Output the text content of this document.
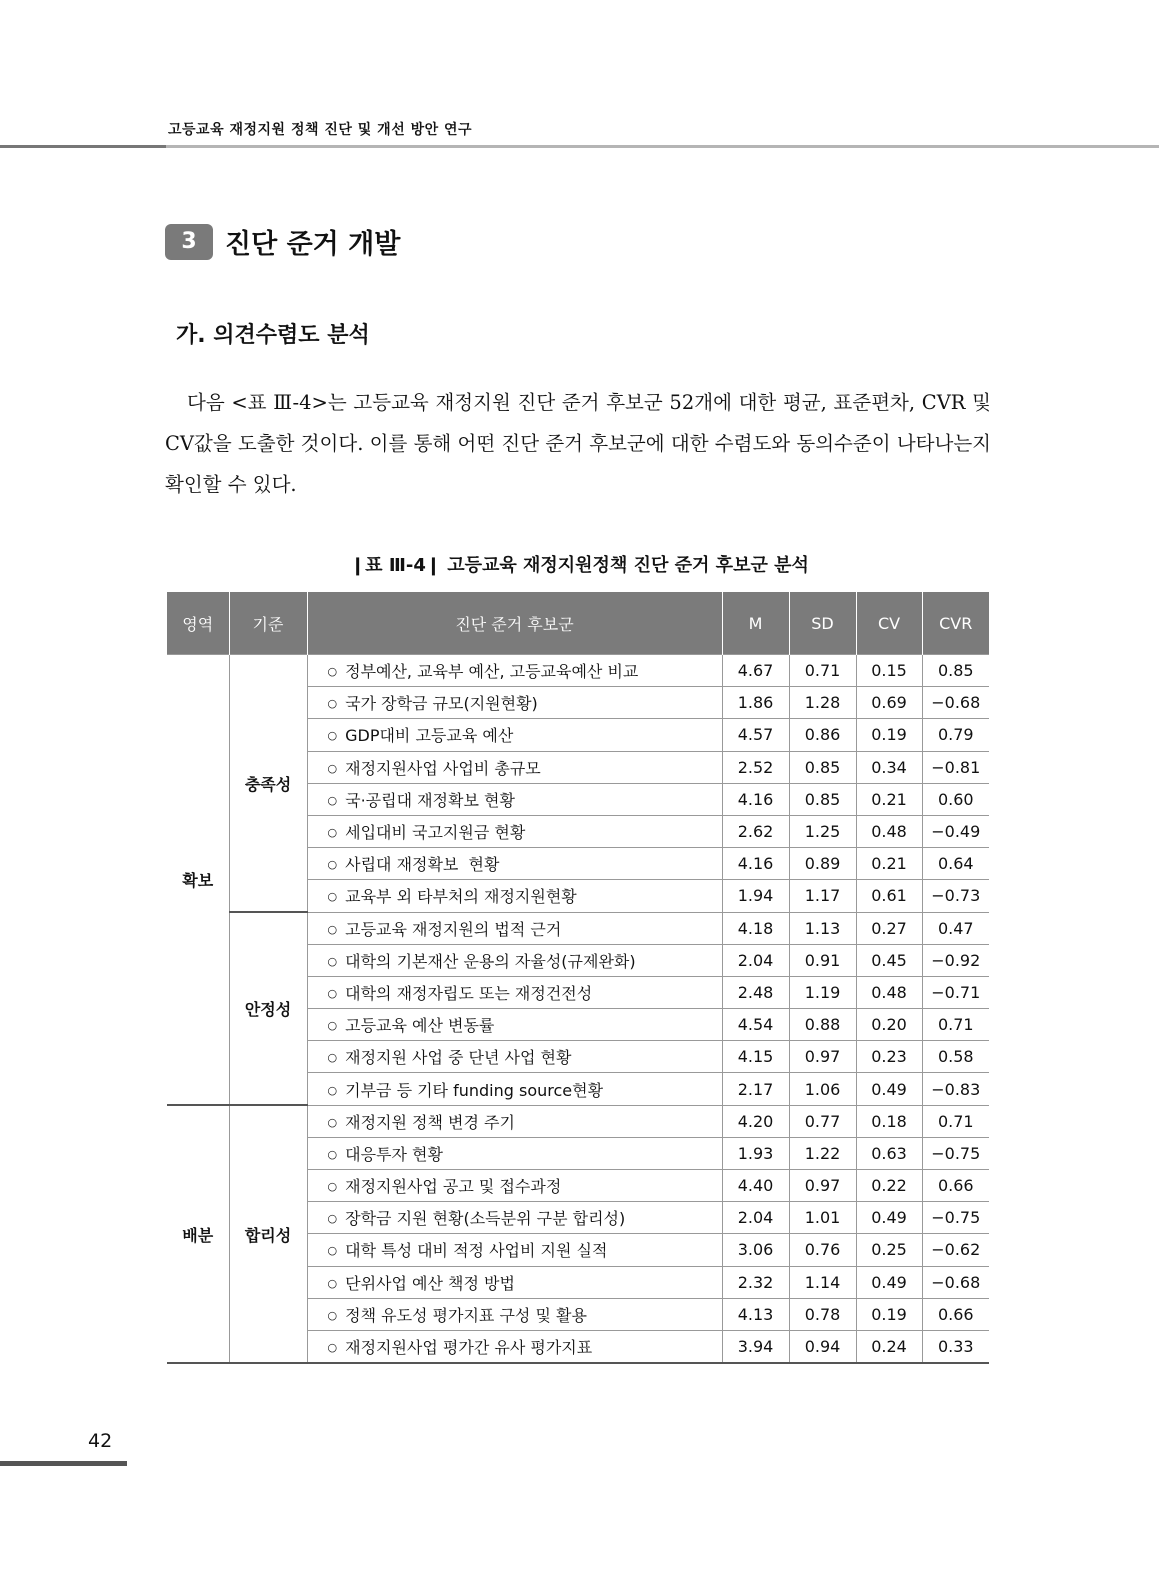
고등교육 재정지원 정책 진단 및 개선 방안 연구
3	진단 준거 개발
가. 의견수렴도 분석
다음 <표 Ⅲ-4>는 고등교육 재정지원 진단 준거 후보군 52개에 대한 평균, 표준편차, CVR 및 CV값을 도출한 것이다. 이를 통해 어떤 진단 준거 후보군에 대한 수렴도와 동의수준이 나타나는지 확인할 수 있다.
❙표 Ⅲ-4❙ 고등교육 재정지원정책 진단 준거 후보군 분석
영역	기준	진단 준거 후보군	M	SD	CV	CVR
확보	충족성	○ 정부예산, 교육부 예산, 고등교육예산 비교	4.67	0.71	0.15	0.85
		○ 국가 장학금 규모(지원현황)	1.86	1.28	0.69	−0.68
		○ GDP대비 고등교육 예산	4.57	0.86	0.19	0.79
		○ 재정지원사업 사업비 총규모	2.52	0.85	0.34	−0.81
		○ 국·공립대 재정확보 현황	4.16	0.85	0.21	0.60
		○ 세입대비 국고지원금 현황	2.62	1.25	0.48	−0.49
		○ 사립대 재정확보  현황	4.16	0.89	0.21	0.64
		○ 교육부 외 타부처의 재정지원현황	1.94	1.17	0.61	−0.73
	안정성	○ 고등교육 재정지원의 법적 근거	4.18	1.13	0.27	0.47
		○ 대학의 기본재산 운용의 자율성(규제완화)	2.04	0.91	0.45	−0.92
		○ 대학의 재정자립도 또는 재정건전성	2.48	1.19	0.48	−0.71
		○ 고등교육 예산 변동률	4.54	0.88	0.20	0.71
		○ 재정지원 사업 중 단년 사업 현황	4.15	0.97	0.23	0.58
		○ 기부금 등 기타 funding source현황	2.17	1.06	0.49	−0.83
배분	합리성	○ 재정지원 정책 변경 주기	4.20	0.77	0.18	0.71
		○ 대응투자 현황	1.93	1.22	0.63	−0.75
		○ 재정지원사업 공고 및 접수과정	4.40	0.97	0.22	0.66
		○ 장학금 지원 현황(소득분위 구분 합리성)	2.04	1.01	0.49	−0.75
		○ 대학 특성 대비 적정 사업비 지원 실적	3.06	0.76	0.25	−0.62
		○ 단위사업 예산 책정 방법	2.32	1.14	0.49	−0.68
		○ 정책 유도성 평가지표 구성 및 활용	4.13	0.78	0.19	0.66
		○ 재정지원사업 평가간 유사 평가지표	3.94	0.94	0.24	0.33
42
